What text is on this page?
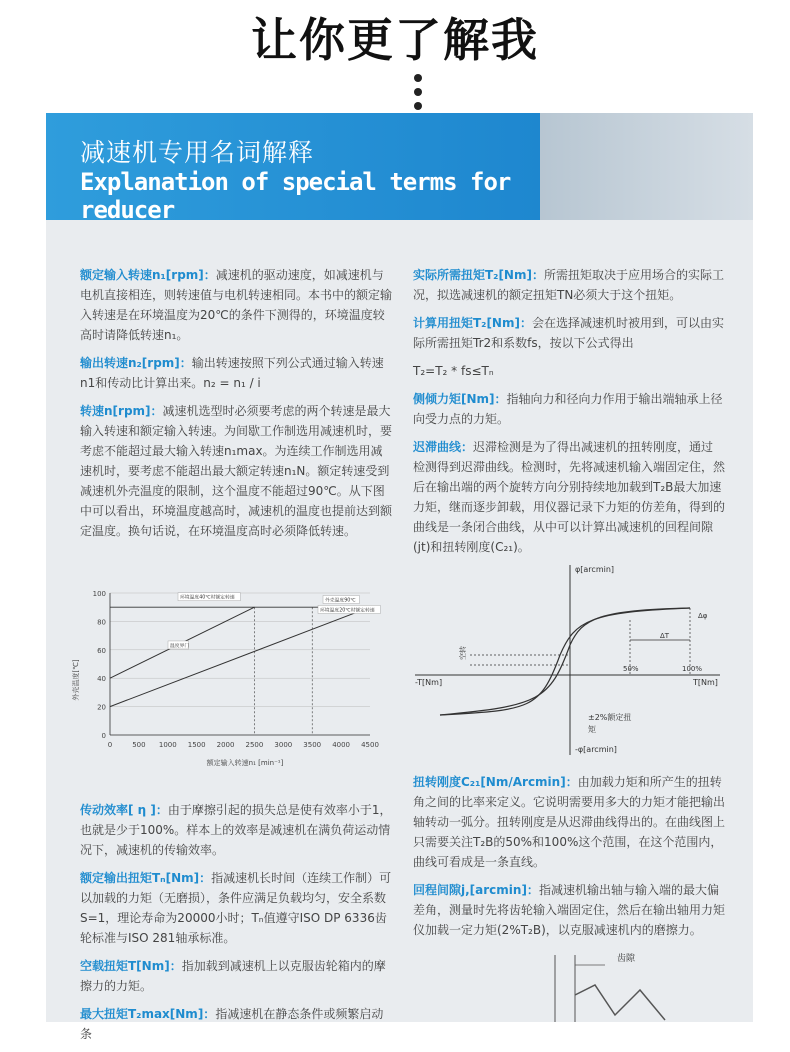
让你更了解我
减速机专用名词解释
Explanation of special terms for reducer

额定输入转速n₁[rpm]：减速机的驱动速度，如减速机与电机直接相连，则转速值与电机转速相同。本书中的额定输入转速是在环境温度为20℃的条件下测得的，环境温度较高时请降低转速n₁。

输出转速n₂[rpm]：输出转速按照下列公式通过输入转速n1和传动比计算出来。n₂ = n₁ / i

转速n[rpm]：减速机选型时必须要考虑的两个转速是最大输入转速和额定输入转速。为间歇工作制选用减速机时，要考虑不能超过最大输入转速n₁max。为连续工作制选用减速机时，要考虑不能超出最大额定转速n₁N。额定转速受到减速机外壳温度的限制，这个温度不能超过90℃。从下图中可以看出，环境温度越高时，减速机的温度也提前达到额定温度。换句话说，在环境温度高时必须降低转速。

0
20
40
60
80
100
0	500 1000 1500 2000 2500 3000 3500 4000 4500
环境温度40℃时额定转速
温度界门
外壳温度90℃
环境温度20℃时额定转速
外壳温度[℃]
额定输入转速n₁ [min⁻¹]

实际所需扭矩T₂[Nm]：所需扭矩取决于应用场合的实际工况，拟选减速机的额定扭矩TN必须大于这个扭矩。

计算用扭矩T₂[Nm]：会在选择减速机时被用到，可以由实际所需扭矩Tr2和系数fs，按以下公式得出

T₂=T₂ * fs≤Tₙ

侧倾力矩[Nm]：指轴向力和径向力作用于输出端轴承上径向受力点的力矩。

迟滞曲线：迟滞检测是为了得出减速机的扭转刚度，通过检测得到迟滞曲线。检测时，先将减速机输入端固定住，然后在输出端的两个旋转方向分别持续地加载到T₂B最大加速力矩，继而逐步卸载，用仪器记录下力矩的仿差角，得到的曲线是一条闭合曲线，从中可以计算出减速机的回程间隙(jt)和扭转刚度(C₂₁)。

φ[arcmin]
-φ[arcmin]
-T[Nm]	T[Nm]
50%	100%
ΔT
Δφ
空转
±2%额定扭
矩

传动效率[ η ]：由于摩擦引起的损失总是使有效率小于1，也就是少于100%。样本上的效率是减速机在满负荷运动情况下，减速机的传输效率。

额定输出扭矩Tₙ[Nm]：指减速机长时间（连续工作制）可以加载的力矩（无磨损），条件应满足负载均匀，安全系数S=1，理论寿命为20000小时；Tₙ值遵守ISO DP 6336齿轮标准与ISO 281轴承标准。

空载扭矩T[Nm]：指加载到减速机上以克服齿轮箱内的摩擦力的力矩。

最大扭矩T₂max[Nm]：指减速机在静态条件或频繁启动条

扭转刚度C₂₁[Nm/Arcmin]：由加载力矩和所产生的扭转角之间的比率来定义。它说明需要用多大的力矩才能把输出轴转动一弧分。扭转刚度是从迟滞曲线得出的。在曲线图上只需要关注T₂B的50%和100%这个范围，在这个范围内，曲线可看成是一条直线。

回程间隙j,[arcmin]：指减速机输出轴与输入端的最大偏差角，测量时先将齿轮输入端固定住，然后在输出轴用力矩仪加载一定力矩(2%T₂B)，以克服减速机内的磨擦力。

齿隙
